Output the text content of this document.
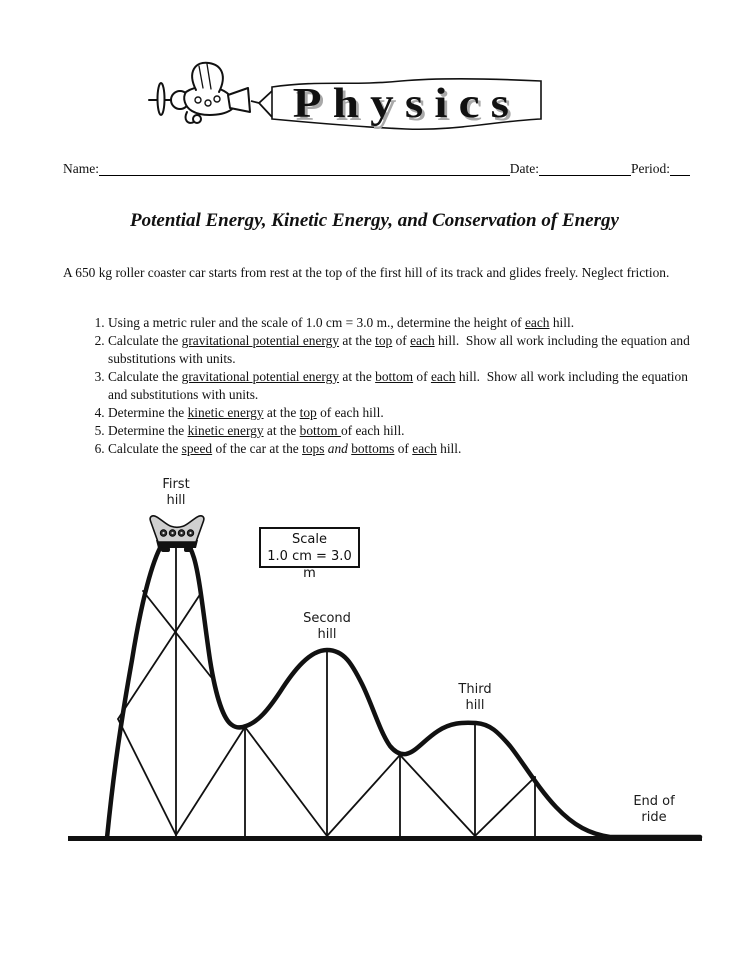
Physics
Name:	Date:	Period:
Potential Energy, Kinetic Energy, and Conservation of Energy
A 650 kg roller coaster car starts from rest at the top of the first hill of its track and glides freely. Neglect friction.
1. Using a metric ruler and the scale of 1.0 cm = 3.0 m., determine the height of each hill.
2. Calculate the gravitational potential energy at the top of each hill.  Show all work including the equation and substitutions with units.
3. Calculate the gravitational potential energy at the bottom of each hill.  Show all work including the equation and substitutions with units.
4. Determine the kinetic energy at the top of each hill.
5. Determine the kinetic energy at the bottom of each hill.
6. Calculate the speed of the car at the tops and bottoms of each hill.
First
hill
Scale
1.0 cm = 3.0 m
Second
hill
Third
hill
End of
ride
